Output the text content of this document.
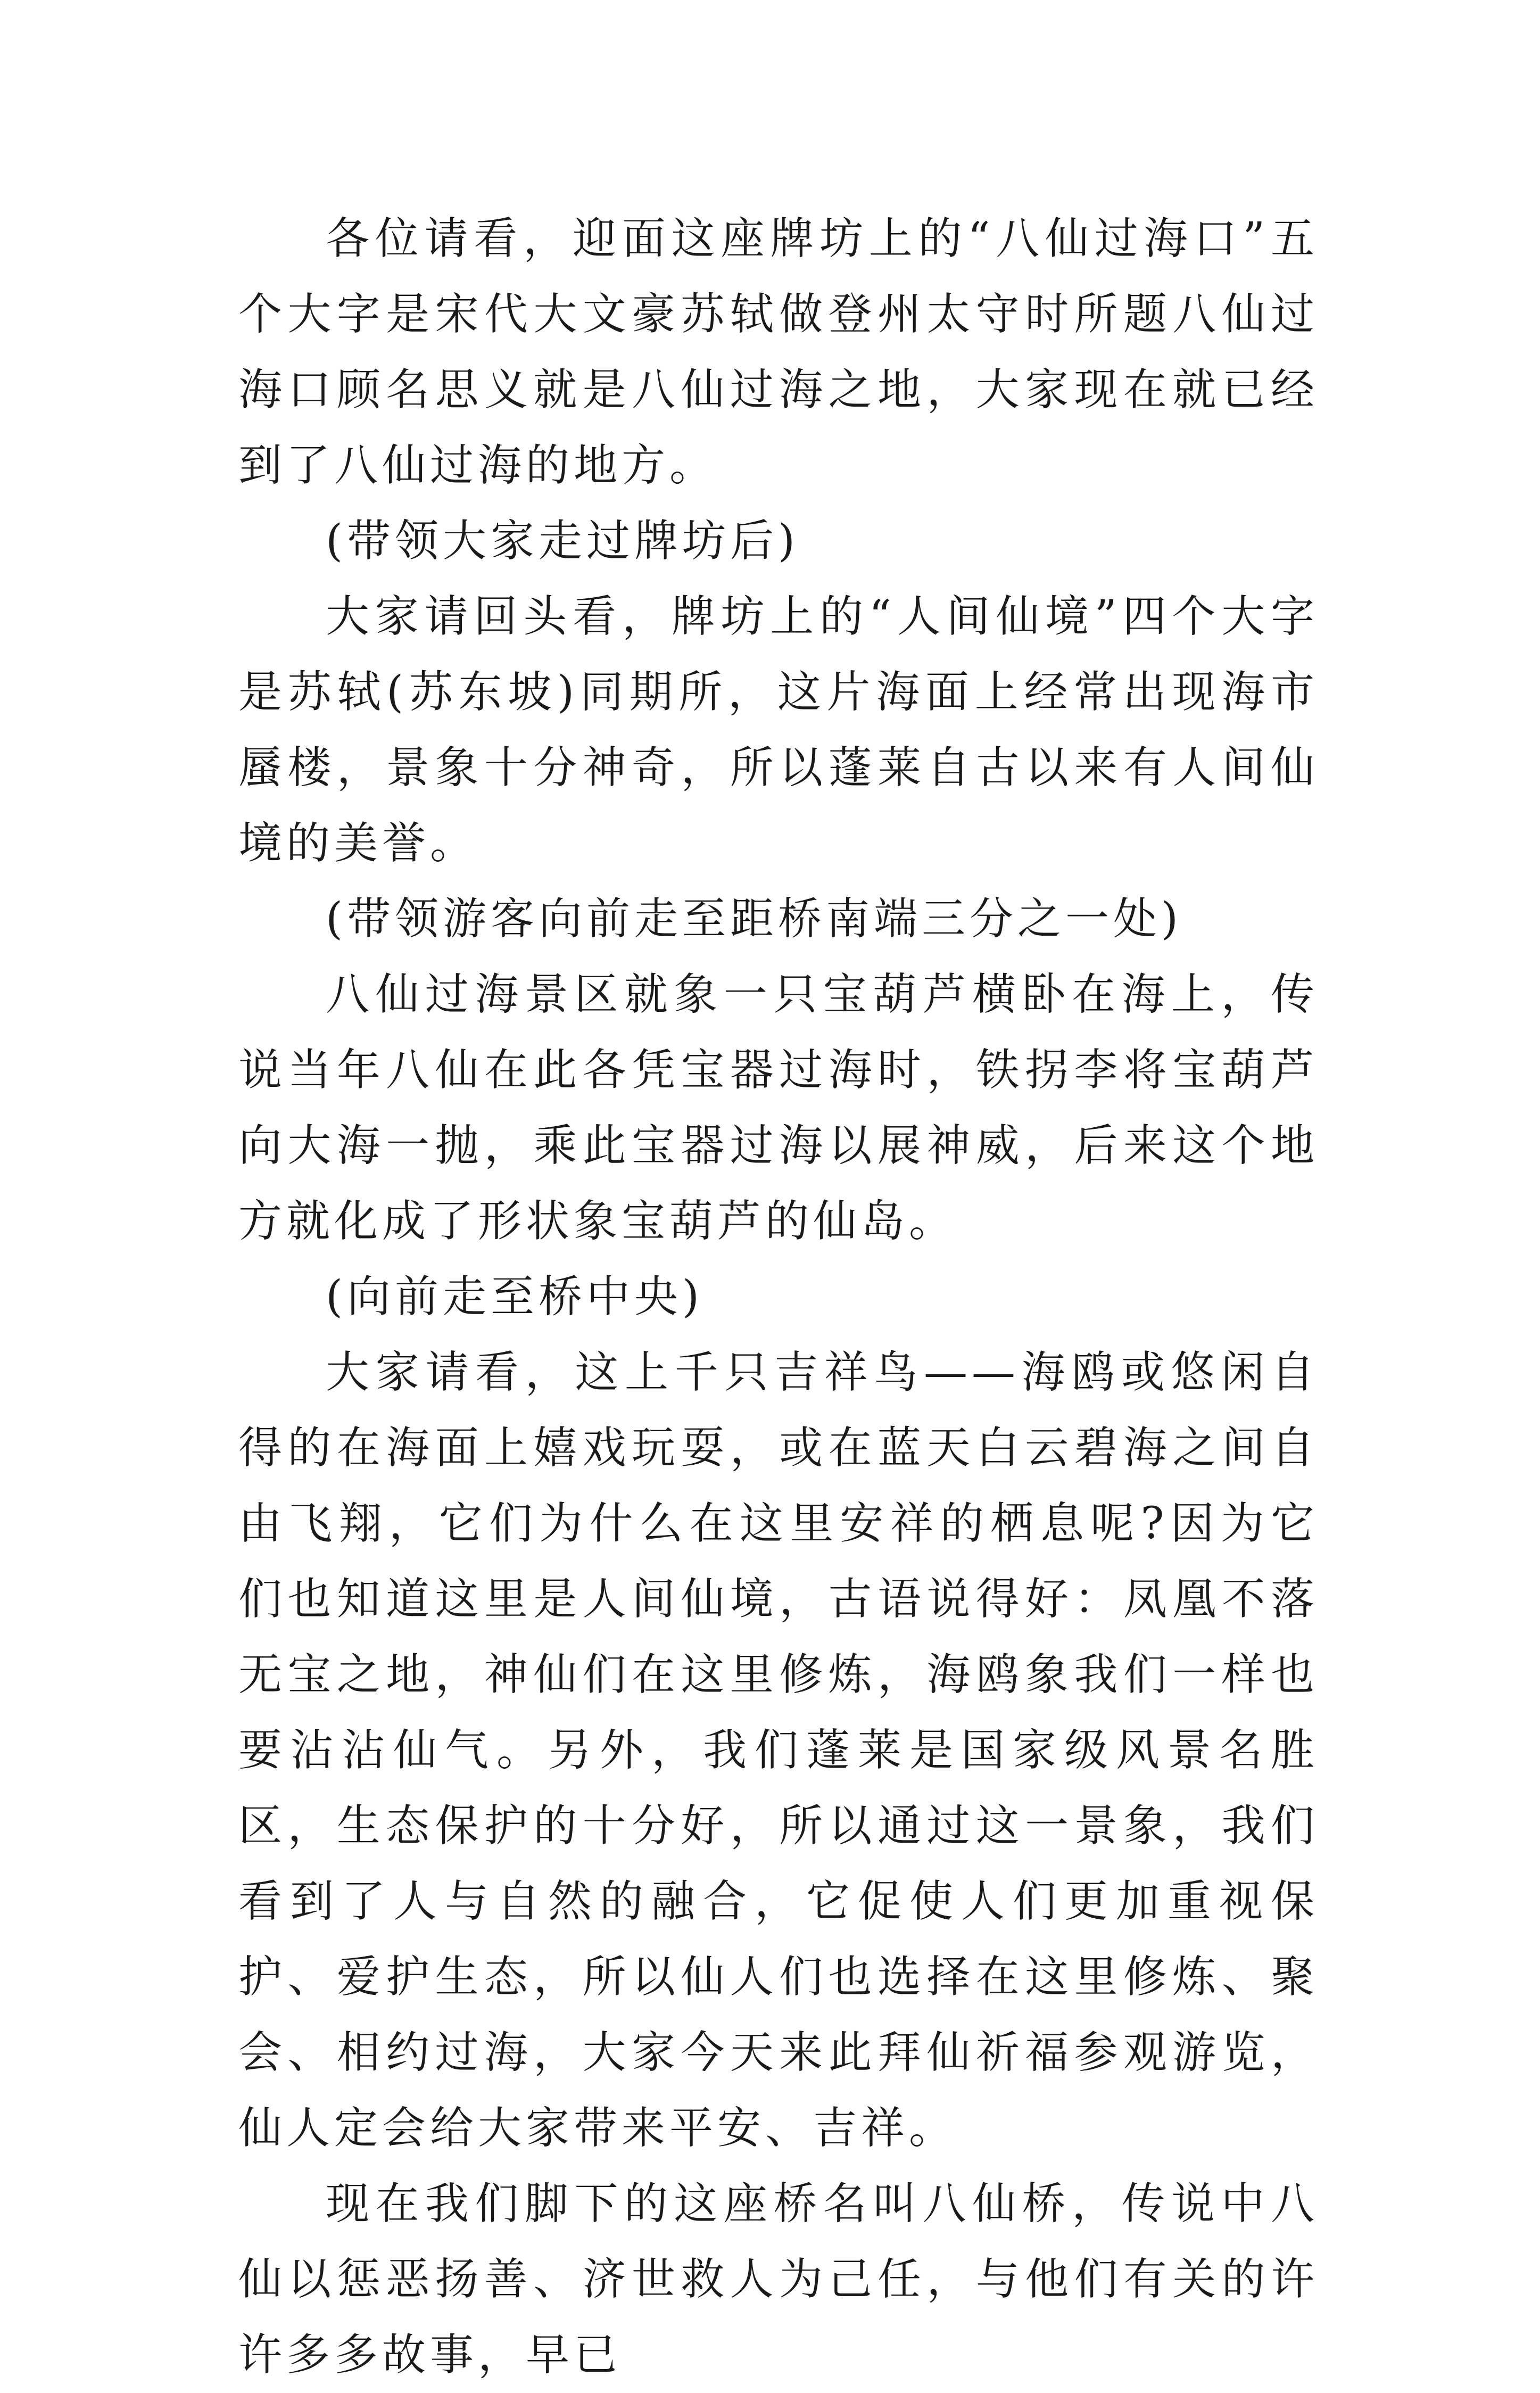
各位请看，迎面这座牌坊上的“八仙过海口”五个大字是宋代大文豪苏轼做登州太守时所题八仙过海口顾名思义就是八仙过海之地，大家现在就已经到了八仙过海的地方。

(带领大家走过牌坊后)

大家请回头看，牌坊上的“人间仙境”四个大字是苏轼(苏东坡)同期所，这片海面上经常出现海市蜃楼，景象十分神奇，所以蓬莱自古以来有人间仙境的美誉。

(带领游客向前走至距桥南端三分之一处)

八仙过海景区就象一只宝葫芦横卧在海上，传说当年八仙在此各凭宝器过海时，铁拐李将宝葫芦向大海一抛，乘此宝器过海以展神威，后来这个地方就化成了形状象宝葫芦的仙岛。

(向前走至桥中央)

大家请看，这上千只吉祥鸟——海鸥或悠闲自得的在海面上嬉戏玩耍，或在蓝天白云碧海之间自由飞翔，它们为什么在这里安祥的栖息呢?因为它们也知道这里是人间仙境，古语说得好：凤凰不落无宝之地，神仙们在这里修炼，海鸥象我们一样也要沾沾仙气。另外，我们蓬莱是国家级风景名胜区，生态保护的十分好，所以通过这一景象，我们看到了人与自然的融合，它促使人们更加重视保护、爱护生态，所以仙人们也选择在这里修炼、聚会、相约过海，大家今天来此拜仙祈福参观游览，仙人定会给大家带来平安、吉祥。

现在我们脚下的这座桥名叫八仙桥，传说中八仙以惩恶扬善、济世救人为己任，与他们有关的许许多多故事，早已
